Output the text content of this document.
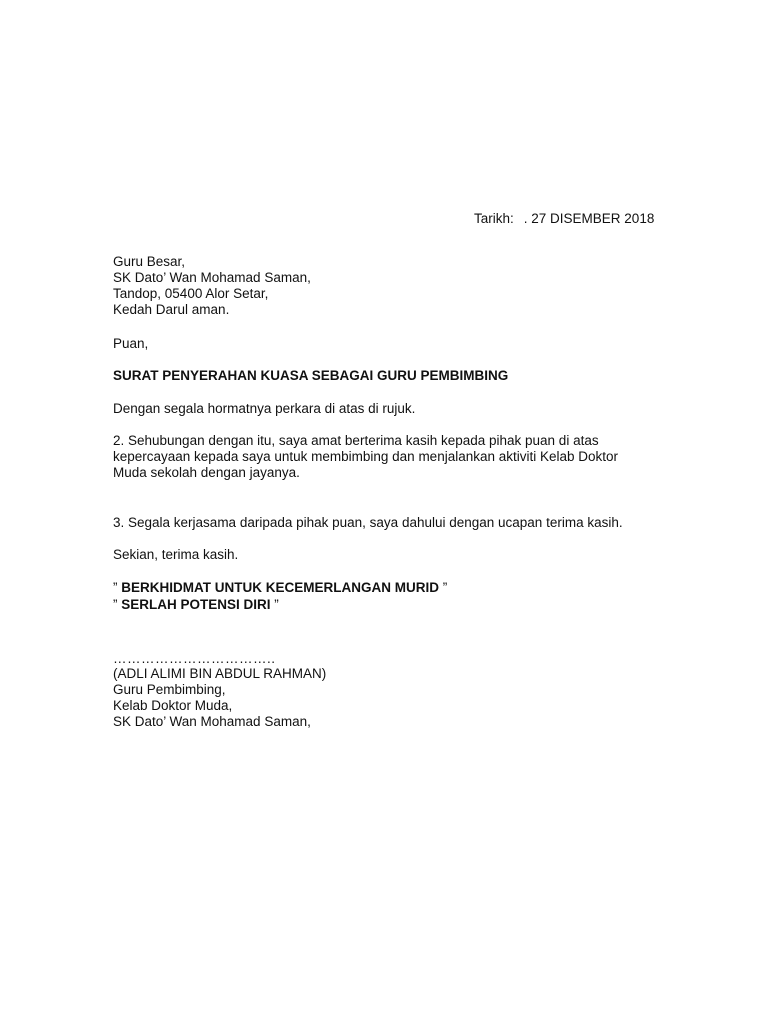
Tarikh: . 27 DISEMBER 2018
Guru Besar,
SK Dato’ Wan Mohamad Saman,
Tandop, 05400 Alor Setar,
Kedah Darul aman.
Puan,
SURAT PENYERAHAN KUASA SEBAGAI GURU PEMBIMBING
Dengan segala hormatnya perkara di atas di rujuk.
2. Sehubungan dengan itu, saya amat berterima kasih kepada pihak puan di atas
kepercayaan kepada saya untuk membimbing dan menjalankan aktiviti Kelab Doktor
Muda sekolah dengan jayanya.
3. Segala kerjasama daripada pihak puan, saya dahului dengan ucapan terima kasih.
Sekian, terima kasih.
” BERKHIDMAT UNTUK KECEMERLANGAN MURID ”
” SERLAH POTENSI DIRI ”
……………………………..
(ADLI ALIMI BIN ABDUL RAHMAN)
Guru Pembimbing,
Kelab Doktor Muda,
SK Dato’ Wan Mohamad Saman,
